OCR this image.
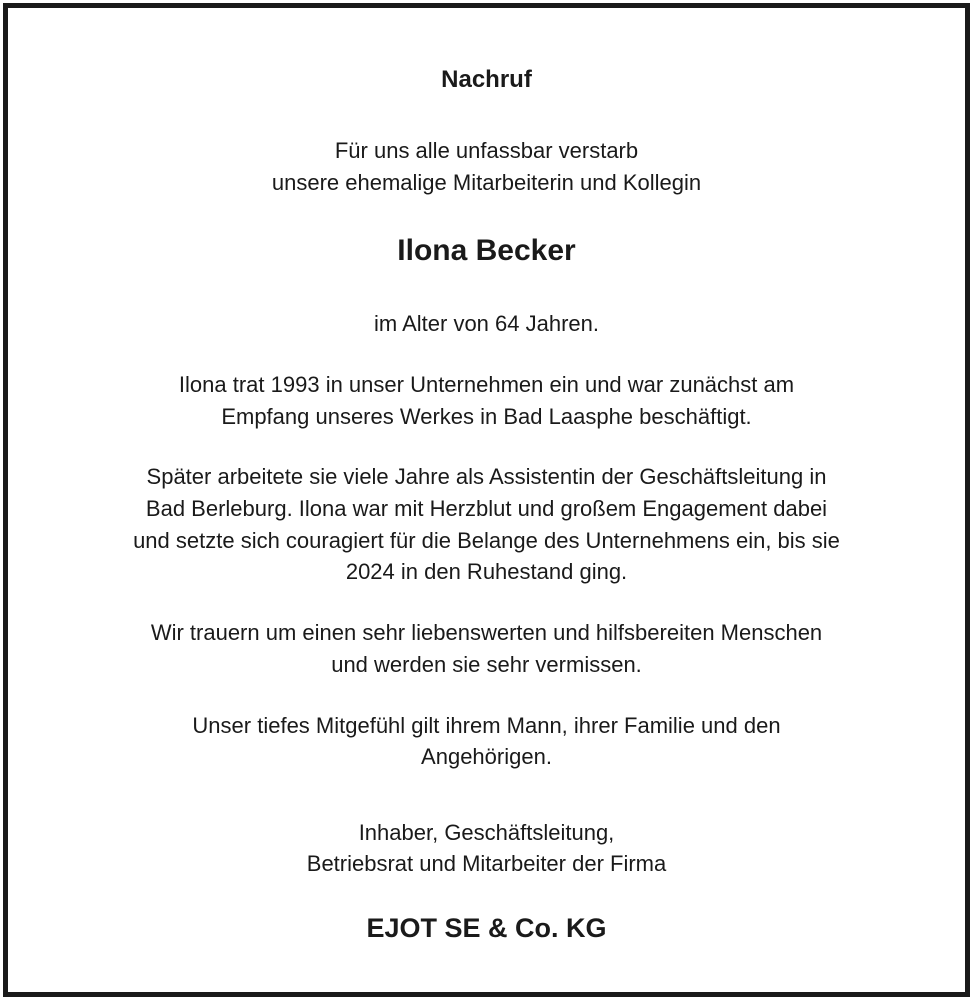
Nachruf

Für uns alle unfassbar verstarb

unsere ehemalige Mitarbeiterin und Kollegin

Ilona Becker

im Alter von 64 Jahren.

Ilona trat 1993 in unser Unternehmen ein und war zunächst am

Empfang unseres Werkes in Bad Laasphe beschäftigt.

Später arbeitete sie viele Jahre als Assistentin der Geschäftsleitung in

Bad Berleburg. Ilona war mit Herzblut und großem Engagement dabei

und setzte sich couragiert für die Belange des Unternehmens ein, bis sie

2024 in den Ruhestand ging.

Wir trauern um einen sehr liebenswerten und hilfsbereiten Menschen

und werden sie sehr vermissen.

Unser tiefes Mitgefühl gilt ihrem Mann, ihrer Familie und den

Angehörigen.

Inhaber, Geschäftsleitung,

Betriebsrat und Mitarbeiter der Firma

EJOT SE & Co. KG
